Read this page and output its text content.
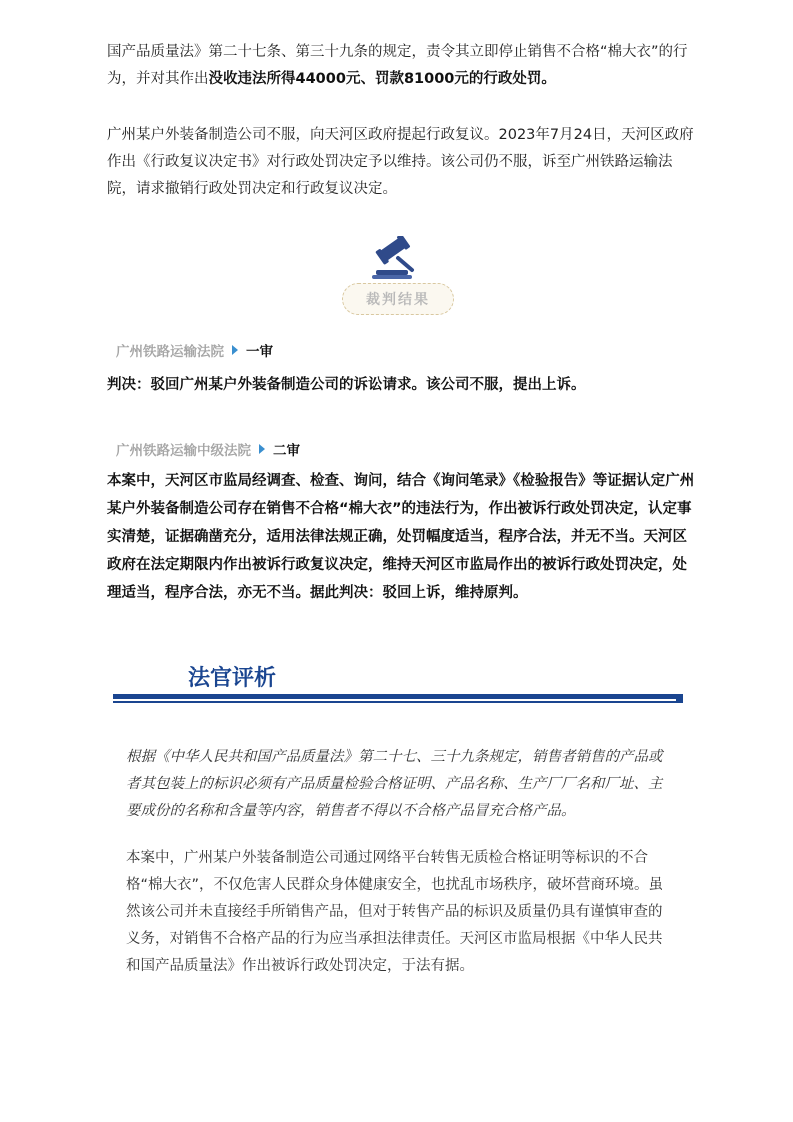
国产品质量法》第二十七条、第三十九条的规定，责令其立即停止销售不合格“棉大衣”的行为，并对其作出没收违法所得44000元、罚款81000元的行政处罚。

广州某户外装备制造公司不服，向天河区政府提起行政复议。2023年7月24日，天河区政府作出《行政复议决定书》对行政处罚决定予以维持。该公司仍不服，诉至广州铁路运输法院，请求撤销行政处罚决定和行政复议决定。

裁判结果
广州铁路运输法院 一审

判决：驳回广州某户外装备制造公司的诉讼请求。该公司不服，提出上诉。

广州铁路运输中级法院 二审

本案中，天河区市监局经调查、检查、询问，结合《询问笔录》《检验报告》等证据认定广州某户外装备制造公司存在销售不合格“棉大衣”的违法行为，作出被诉行政处罚决定，认定事实清楚，证据确凿充分，适用法律法规正确，处罚幅度适当，程序合法，并无不当。天河区政府在法定期限内作出被诉行政复议决定，维持天河区市监局作出的被诉行政处罚决定，处理适当，程序合法，亦无不当。据此判决：驳回上诉，维持原判。

法官评析

根据《中华人民共和国产品质量法》第二十七、三十九条规定，销售者销售的产品或者其包装上的标识必须有产品质量检验合格证明、产品名称、生产厂厂名和厂址、主要成份的名称和含量等内容，销售者不得以不合格产品冒充合格产品。

本案中，广州某户外装备制造公司通过网络平台转售无质检合格证明等标识的不合格“棉大衣”，不仅危害人民群众身体健康安全，也扰乱市场秩序，破坏营商环境。虽然该公司并未直接经手所销售产品，但对于转售产品的标识及质量仍具有谨慎审查的义务，对销售不合格产品的行为应当承担法律责任。天河区市监局根据《中华人民共和国产品质量法》作出被诉行政处罚决定，于法有据。
